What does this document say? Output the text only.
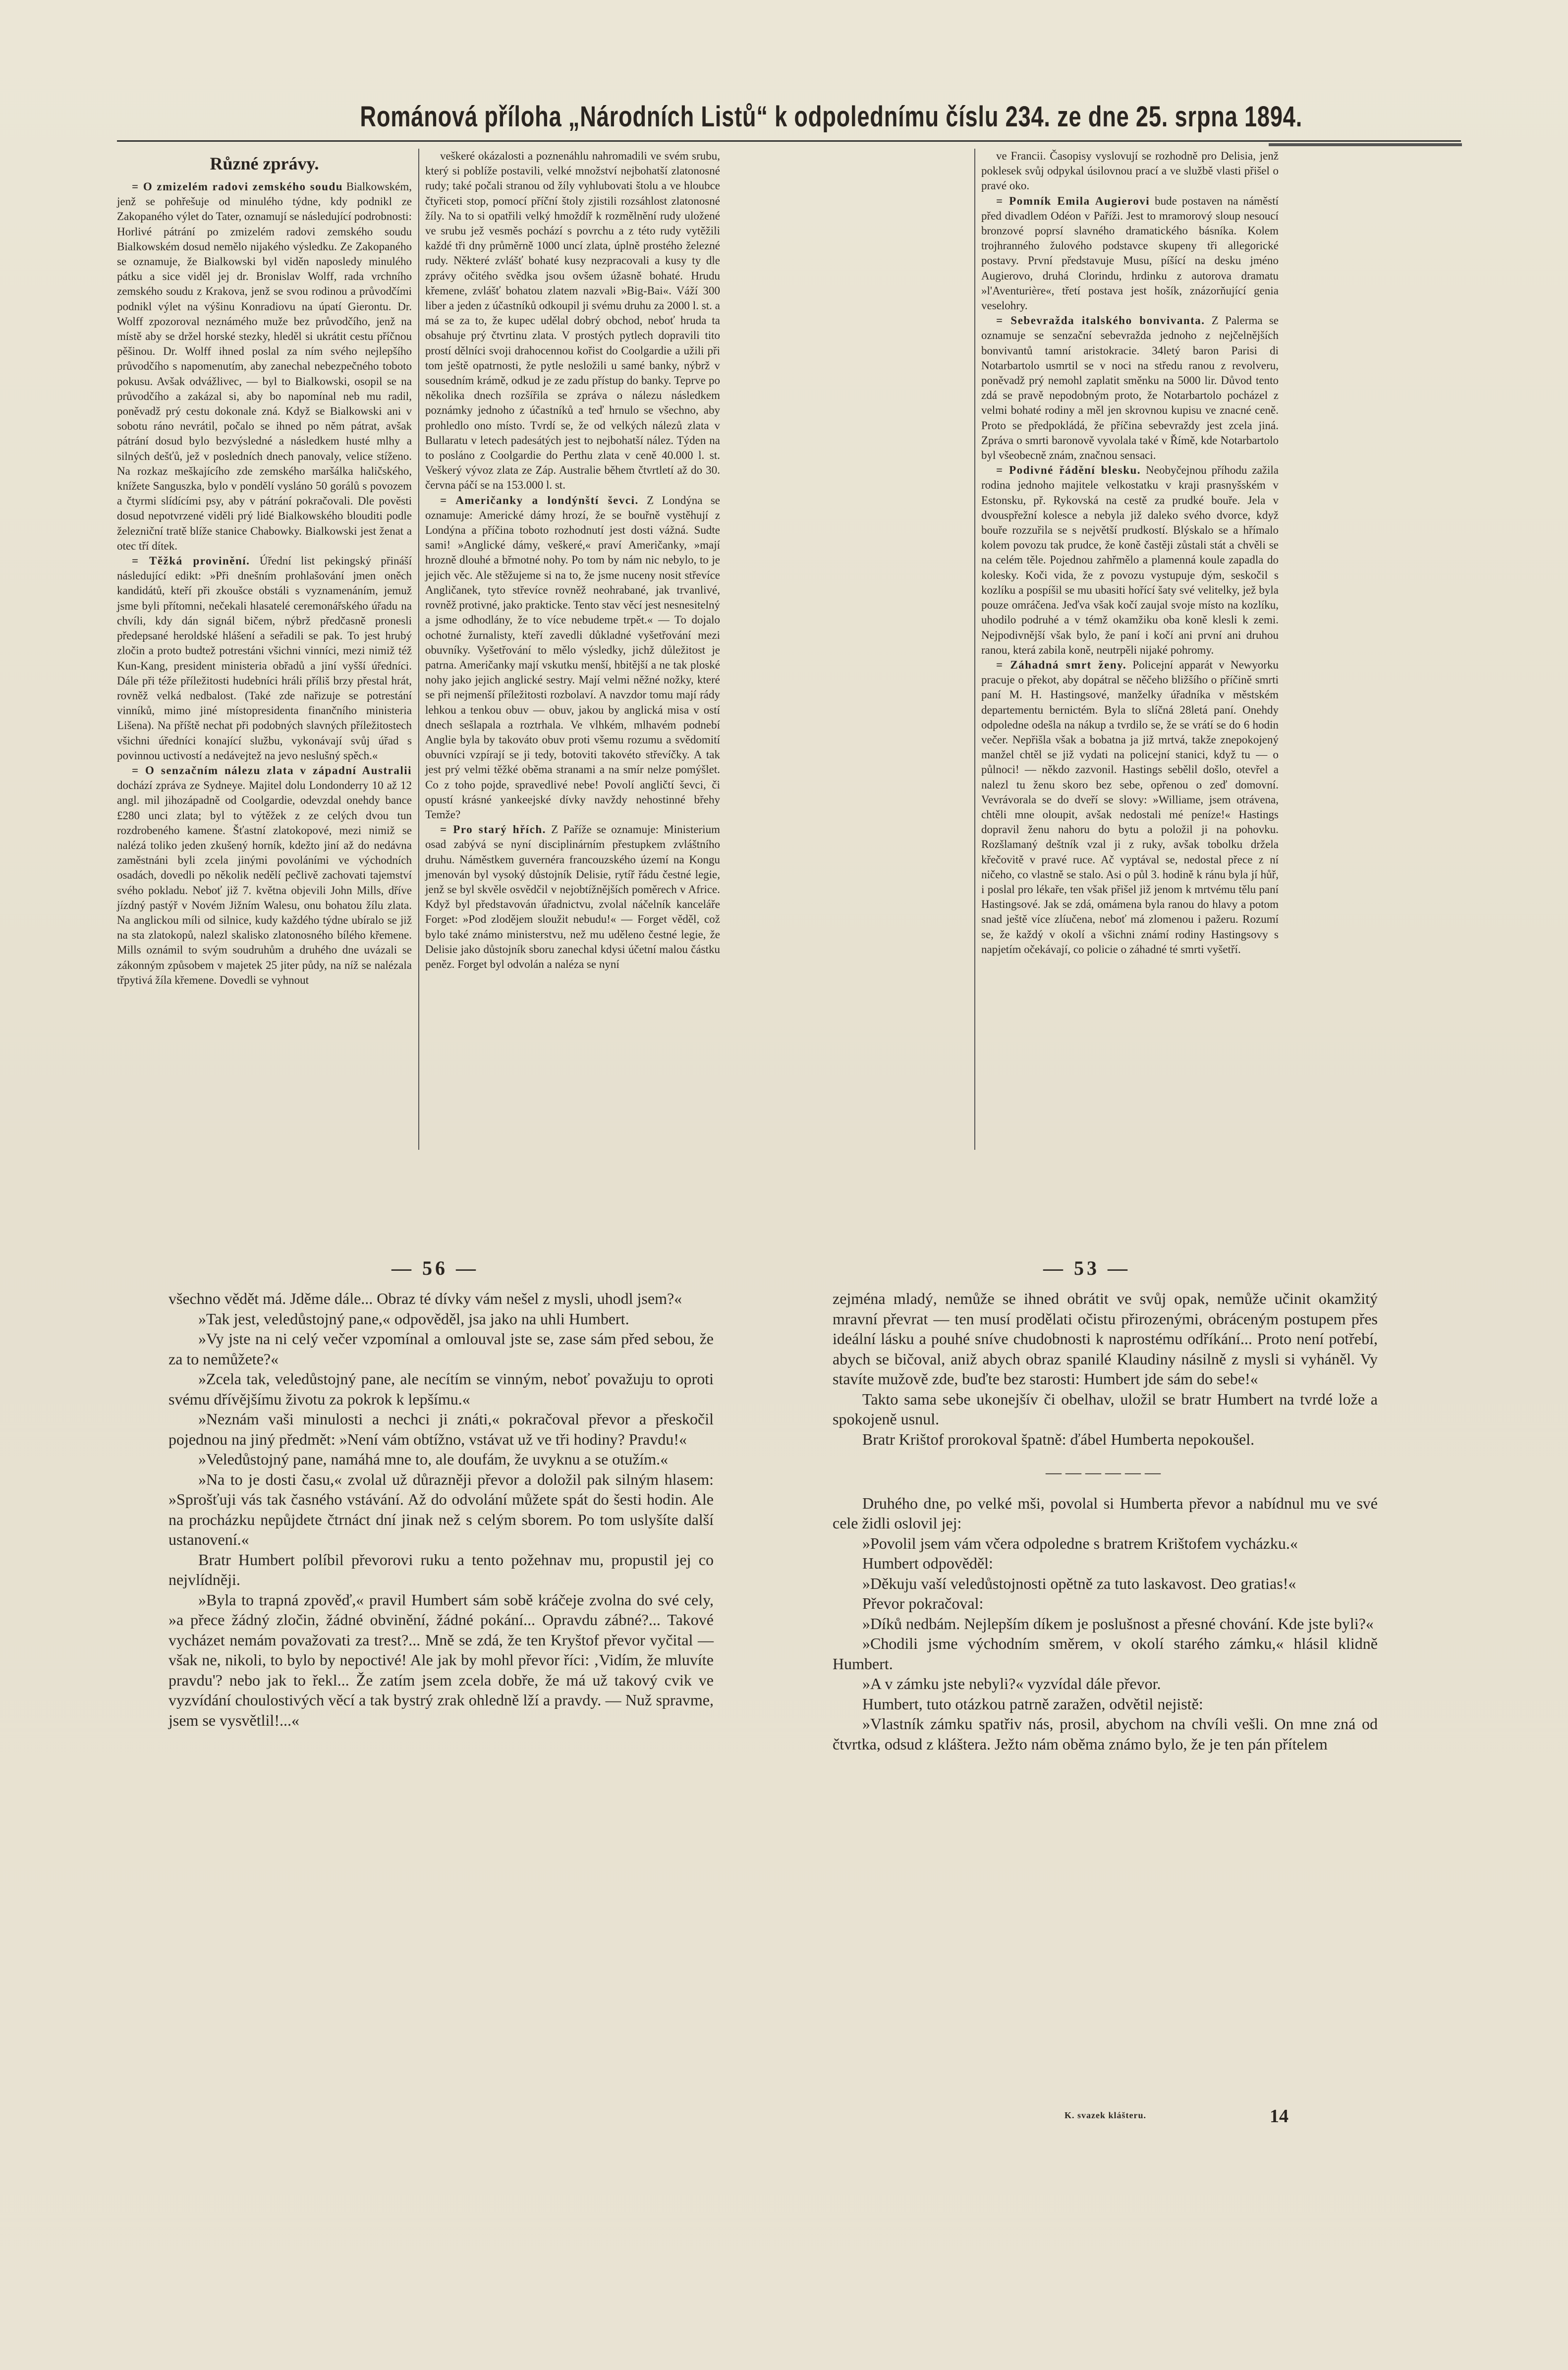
Románová příloha „Národních Listů“ k odpolednímu číslu 234. ze dne 25. srpna 1894.

Různé zprávy.

= O zmizelém radovi zemského soudu Bialkowském, jenž se pohřešuje od minulého týdne, kdy podnikl ze Zakopaného výlet do Tater, oznamují se následující podrobnosti: Horlivé pátrání po zmizelém radovi zemského soudu Bialkowském dosud nemělo nijakého výsledku. Ze Zakopaného se oznamuje, že Bialkowski byl viděn naposledy minulého pátku a sice viděl jej dr. Bronislav Wolff, rada vrchního zemského soudu z Krakova, jenž se svou rodinou a průvodčími podnikl výlet na výšinu Konradiovu na úpatí Gierontu. Dr. Wolff zpozoroval neznámého muže bez průvodčího, jenž na místě aby se držel horské stezky, hleděl si ukrátit cestu příčnou pěšinou. Dr. Wolff ihned poslal za ním svého nejlepšího průvodčího s napomenutím, aby zanechal nebezpečného toboto pokusu. Avšak odvážlivec, — byl to Bialkowski, osopil se na průvodčího a zakázal si, aby bo napomínal neb mu radil, poněvadž prý cestu dokonale zná. Když se Bialkowski ani v sobotu ráno nevrátil, počalo se ihned po něm pátrat, avšak pátrání dosud bylo bezvýsledné a následkem husté mlhy a silných dešťů, jež v posledních dnech panovaly, velice stíženo. Na rozkaz meškajícího zde zemského maršálka haličského, knížete Sanguszka, bylo v pondělí vysláno 50 gorálů s povozem a čtyrmi slídícími psy, aby v pátrání pokračovali. Dle pověsti dosud nepotvrzené viděli prý lidé Bialkowského blouditi podle železniční tratě blíže stanice Chabowky. Bialkowski jest ženat a otec tří dítek.

= Těžká provinění. Úřední list pekingský přináší následující edikt: »Při dnešním prohlašování jmen oněch kandidátů, kteří při zkoušce obstáli s vyznamenáním, jemuž jsme byli přítomni, nečekali hlasatelé ceremonářského úřadu na chvíli, kdy dán signál bičem, nýbrž předčasně pronesli předepsané heroldské hlášení a seřadili se pak. To jest hrubý zločin a proto budtež potrestáni všichni vinníci, mezi nimiž též Kun-Kang, president ministeria obřadů a jiní vyšší úředníci. Dále při téže příležitosti hudebníci hráli příliš brzy přestal hrát, rovněž velká nedbalost. (Také zde nařizuje se potrestání vinníků, mimo jiné místopresidenta finančního ministeria Lišena). Na příště nechat při podobných slavných příležitostech všichni úředníci konající službu, vykonávají svůj úřad s povinnou uctivostí a nedávejtež na jevo neslušný spěch.«

= O senzačním nálezu zlata v západní Australii dochází zpráva ze Sydneye. Majitel dolu Londonderry 10 až 12 angl. mil jihozápadně od Coolgardie, odevzdal onehdy bance £280 unci zlata; byl to výtěžek z ze celých dvou tun rozdrobeného kamene. Šťastní zlatokopové, mezi nimiž se nalézá toliko jeden zkušený horník, kdežto jiní až do nedávna zaměstnáni byli zcela jinými povoláními ve východních osadách, dovedli po několik nedělí pečlivě zachovati tajemství svého pokladu. Neboť již 7. května objevili John Mills, dříve jízdný pastýř v Novém Jižním Walesu, onu bohatou žílu zlata. Na anglickou míli od silnice, kudy každého týdne ubíralo se již na sta zlatokopů, nalezl skalisko zlatonosného bílého křemene. Mills oznámil to svým soudruhům a druhého dne uvázali se zákonným způsobem v majetek 25 jiter půdy, na níž se nalézala třpytivá žíla křemene. Dovedli se vyhnout

veškeré okázalosti a poznenáhlu nahromadili ve svém srubu, který si poblíže postavili, velké množství nejbohatší zlatonosné rudy; také počali stranou od žíly vyhlubovati štolu a ve hloubce čtyřiceti stop, pomocí příční štoly zjistili rozsáhlost zlatonosné žíly. Na to si opatřili velký hmoždíř k rozmělnění rudy uložené ve srubu jež vesměs pochází s povrchu a z této rudy vytěžili každé tři dny průměrně 1000 uncí zlata, úplně prostého železné rudy. Některé zvlášť bohaté kusy nezpracovali a kusy ty dle zprávy očitého svědka jsou ovšem úžasně bohaté. Hrudu křemene, zvlášť bohatou zlatem nazvali »Big-Bai«. Váží 300 liber a jeden z účastníků odkoupil ji svému druhu za 2000 l. st. a má se za to, že kupec udělal dobrý obchod, neboť hruda ta obsahuje prý čtvrtinu zlata. V prostých pytlech dopravili tito prostí dělníci svoji drahocennou kořist do Coolgardie a užili při tom ještě opatrnosti, že pytle nesložili u samé banky, nýbrž v sousedním krámě, odkud je ze zadu přístup do banky. Teprve po několika dnech rozšířila se zpráva o nálezu následkem poznámky jednoho z účastníků a teď hrnulo se všechno, aby prohledlo ono místo. Tvrdí se, že od velkých nálezů zlata v Bullaratu v letech padesátých jest to nejbohatší nález. Týden na to posláno z Coolgardie do Perthu zlata v ceně 40.000 l. st. Veškerý vývoz zlata ze Záp. Australie během čtvrtletí až do 30. června páčí se na 153.000 l. st.

= Američanky a londýnští ševci. Z Londýna se oznamuje: Americké dámy hrozí, že se bouřně vystěhují z Londýna a příčina toboto rozhodnutí jest dosti vážná. Sudte sami! »Anglické dámy, veškeré,« praví Američanky, »mají hrozně dlouhé a břmotné nohy. Po tom by nám nic nebylo, to je jejich věc. Ale stěžujeme si na to, že jsme nuceny nosit střevíce Angličanek, tyto střevíce rovněž neohrabané, jak trvanlivé, rovněž protivné, jako prakticke. Tento stav věcí jest nesnesitelný a jsme odhodlány, že to více nebudeme trpět.« — To dojalo ochotné žurnalisty, kteří zavedli důkladné vyšetřování mezi obuvníky. Vyšetřování to mělo výsledky, jichž důležitost je patrna. Američanky mají vskutku menší, hbitější a ne tak ploské nohy jako jejich anglické sestry. Mají velmi něžné nožky, které se při nejmenší příležitosti rozbolaví. A navzdor tomu mají rády lehkou a tenkou obuv — obuv, jakou by anglická misa v ostí dnech sešlapala a roztrhala. Ve vlhkém, mlhavém podnebí Anglie byla by takováto obuv proti všemu rozumu a svědomití obuvníci vzpírají se ji tedy, botoviti takovéto střevíčky. A tak jest prý velmi těžké oběma stranami a na smír nelze pomýšlet. Co z toho pojde, spravedlivé nebe! Povolí angličtí ševci, či opustí krásné yankeejské dívky navždy nehostinné břehy Temže?

= Pro starý hřích. Z Paříže se oznamuje: Ministerium osad zabývá se nyní disciplinárním přestupkem zvláštního druhu. Náměstkem guvernéra francouzského území na Kongu jmenován byl vysoký důstojník Delisie, rytíř řádu čestné legie, jenž se byl skvěle osvědčil v nejobtížnějších poměrech v Africe. Když byl představován úřadnictvu, zvolal náčelník kanceláře Forget: »Pod zlodějem sloužit nebudu!« — Forget věděl, což bylo také známo ministerstvu, než mu uděleno čestné legie, že Delisie jako důstojník sboru zanechal kdysi účetní malou částku peněz. Forget byl odvolán a naléza se nyní

ve Francii. Časopisy vyslovují se rozhodně pro Delisia, jenž poklesek svůj odpykal úsilovnou prací a ve službě vlasti přišel o pravé oko.

= Pomník Emila Augierovi bude postaven na náměstí před divadlem Odéon v Paříži. Jest to mramorový sloup nesoucí bronzové poprsí slavného dramatického básníka. Kolem trojhranného žulového podstavce skupeny tři allegorické postavy. První představuje Musu, píšící na desku jméno Augierovo, druhá Clorindu, hrdinku z autorova dramatu »l'Aventurière«, třetí postava jest hošík, znázorňující genia veselohry.

= Sebevražda italského bonvivanta. Z Palerma se oznamuje se senzační sebevražda jednoho z nejčelnějších bonvivantů tamní aristokracie. 34letý baron Parisi di Notarbartolo usmrtil se v noci na středu ranou z revolveru, poněvadž prý nemohl zaplatit směnku na 5000 lir. Důvod tento zdá se pravě nepodobným proto, že Notarbartolo pocházel z velmi bohaté rodiny a měl jen skrovnou kupisu ve znacné ceně. Proto se předpokládá, že příčina sebevraždy jest zcela jiná. Zpráva o smrti baronově vyvolala také v Římě, kde Notarbartolo byl všeobecně znám, značnou sensaci.

= Podivné řádění blesku. Neobyčejnou příhodu zažila rodina jednoho majitele velkostatku v kraji prasnyšském v Estonsku, př. Rykovská na cestě za prudké bouře. Jela v dvouspřežní kolesce a nebyla již daleko svého dvorce, když bouře rozzuřila se s největší prudkostí. Blýskalo se a hřímalo kolem povozu tak prudce, že koně častěji zůstali stát a chvěli se na celém těle. Pojednou zahřmělo a plamenná koule zapadla do kolesky. Koči vida, že z povozu vystupuje dým, seskočil s kozlíku a pospíšil se mu ubasiti hořící šaty své velitelky, jež byla pouze omráčena. Jeďva však kočí zaujal svoje místo na kozlíku, uhodilo podruhé a v témž okamžiku oba koně klesli k zemi. Nejpodivnější však bylo, že paní i kočí ani první ani druhou ranou, která zabila koně, neutrpěli nijaké pohromy.

= Záhadná smrt ženy. Policejní apparát v Newyorku pracuje o překot, aby dopátral se něčeho bližšího o příčině smrti paní M. H. Hastingsové, manželky úřadníka v městském departementu bernictém. Byla to slíčná 28letá paní. Onehdy odpoledne odešla na nákup a tvrdilo se, že se vrátí se do 6 hodin večer. Nepřišla však a bobatna ja již mrtvá, takže znepokojený manžel chtěl se již vydati na policejní stanici, když tu — o půlnoci! — někdo zazvonil. Hastings sebělil došlo, otevřel a nalezl tu ženu skoro bez sebe, opřenou o zeď domovní. Vevrávorala se do dveří se slovy: »Williame, jsem otrávena, chtěli mne oloupit, avšak nedostali mé peníze!« Hastings dopravil ženu nahoru do bytu a položil ji na pohovku. Rozšlamaný deštník vzal ji z ruky, avšak tobolku držela křečovitě v pravé ruce. Ač vyptával se, nedostal přece z ní ničeho, co vlastně se stalo. Asi o půl 3. hodině k ránu byla jí hůř, i poslal pro lékaře, ten však přišel již jenom k mrtvému tělu paní Hastingsové. Jak se zdá, omámena byla ranou do hlavy a potom snad ještě více zlíučena, neboť má zlomenou i pažeru. Rozumí se, že každý v okolí a všichni známí rodiny Hastingsovy s napjetím očekávají, co policie o záhadné té smrti vyšetří.

— 56 —	— 53 —

všechno vědět má. Jděme dále... Obraz té dívky vám nešel z mysli, uhodl jsem?«

»Tak jest, veledůstojný pane,« odpověděl, jsa jako na uhli Humbert.

»Vy jste na ni celý večer vzpomínal a omlouval jste se, zase sám před sebou, že za to nemůžete?«

»Zcela tak, veledůstojný pane, ale necítím se vinným, neboť považuju to oproti svému dřívějšímu životu za pokrok k lepšímu.«

»Neznám vaši minulosti a nechci ji znáti,« pokračoval převor a přeskočil pojednou na jiný předmět: »Není vám obtížno, vstávat už ve tři hodiny? Pravdu!«

»Veledůstojný pane, namáhá mne to, ale doufám, že uvyknu a se otužím.«

»Na to je dosti času,« zvolal už důrazněji převor a doložil pak silným hlasem: »Sprošťuji vás tak časného vstávání. Až do odvolání můžete spát do šesti hodin. Ale na procházku nepůjdete čtrnáct dní jinak než s celým sborem. Po tom uslyšíte další ustanovení.«

Bratr Humbert políbil převorovi ruku a tento požehnav mu, propustil jej co nejvlídněji.

»Byla to trapná zpověď,« pravil Humbert sám sobě kráčeje zvolna do své cely, »a přece žádný zločin, žádné obvinění, žádné pokání... Opravdu zábné?... Takové vycházet nemám považovati za trest?... Mně se zdá, že ten Kryštof převor vyčital — však ne, nikoli, to bylo by nepoctivé! Ale jak by mohl převor říci: ‚Vidím, že mluvíte pravdu'? nebo jak to řekl... Že zatím jsem zcela dobře, že má už takový cvik ve vyzvídání choulostivých věcí a tak bystrý zrak ohledně lží a pravdy. — Nuž spravme, jsem se vysvětlil!...«

zejména mladý, nemůže se ihned obrátit ve svůj opak, nemůže učinit okamžitý mravní převrat — ten musí prodělati očistu přirozenými, obráceným postupem přes ideální lásku a pouhé sníve chudobnosti k naprostému odříkání... Proto není potřebí, abych se bičoval, aniž abych obraz spanilé Klaudiny násilně z mysli si vyháněl. Vy stavíte mužově zde, buďte bez starosti: Humbert jde sám do sebe!«

Takto sama sebe ukonejšív či obelhav, uložil se bratr Humbert na tvrdé lože a spokojeně usnul.

Bratr Krištof prorokoval špatně: ďábel Humberta nepokoušel.

——————

Druhého dne, po velké mši, povolal si Humberta převor a nabídnul mu ve své cele židli oslovil jej:

»Povolil jsem vám včera odpoledne s bratrem Krištofem vycházku.«

Humbert odpověděl:

»Děkuju vaší veledůstojnosti opětně za tuto laskavost. Deo gratias!«

Převor pokračoval:

»Díků nedbám. Nejlepším díkem je poslušnost a přesné chování. Kde jste byli?«

»Chodili jsme východním směrem, v okolí starého zámku,« hlásil klidně Humbert.

»A v zámku jste nebyli?« vyzvídal dále převor.

Humbert, tuto otázkou patrně zaražen, odvětil nejistě:

»Vlastník zámku spatřiv nás, prosil, abychom na chvíli vešli. On mne zná od čtvrtka, odsud z kláštera. Ježto nám oběma známo bylo, že je ten pán přítelem

K. svazek klášteru.	14
